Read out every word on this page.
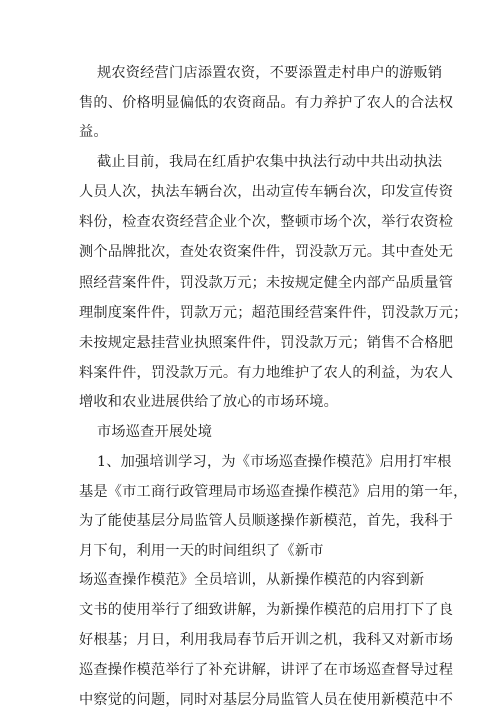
规农资经营门店添置农资，不要添置走村串户的游贩销
售的、价格明显偏低的农资商品。有力养护了农人的合法权
益。
截止目前，我局在红盾护农集中执法行动中共出动执法
人员人次，执法车辆台次，出动宣传车辆台次，印发宣传资
料份，检查农资经营企业个次，整顿市场个次，举行农资检
测个品牌批次，查处农资案件件，罚没款万元。其中查处无
照经营案件件，罚没款万元；未按规定健全内部产品质量管
理制度案件件，罚款万元；超范围经营案件件，罚没款万元；
未按规定悬挂营业执照案件件，罚没款万元；销售不合格肥
料案件件，罚没款万元。有力地维护了农人的利益，为农人
增收和农业进展供给了放心的市场环境。
市场巡查开展处境
1、加强培训学习，为《市场巡查操作模范》启用打牢根
基是《市工商行政管理局市场巡查操作模范》启用的第一年，
为了能使基层分局监管人员顺遂操作新模范，首先，我科于
月下旬，利用一天的时间组织了《新市
场巡查操作模范》全员培训，从新操作模范的内容到新
文书的使用举行了细致讲解，为新操作模范的启用打下了良
好根基；月日，利用我局春节后开训之机，我科又对新市场
巡查操作模范举行了补充讲解，讲评了在市场巡查督导过程
中察觉的问题，同时对基层分局监管人员在使用新模范中不
